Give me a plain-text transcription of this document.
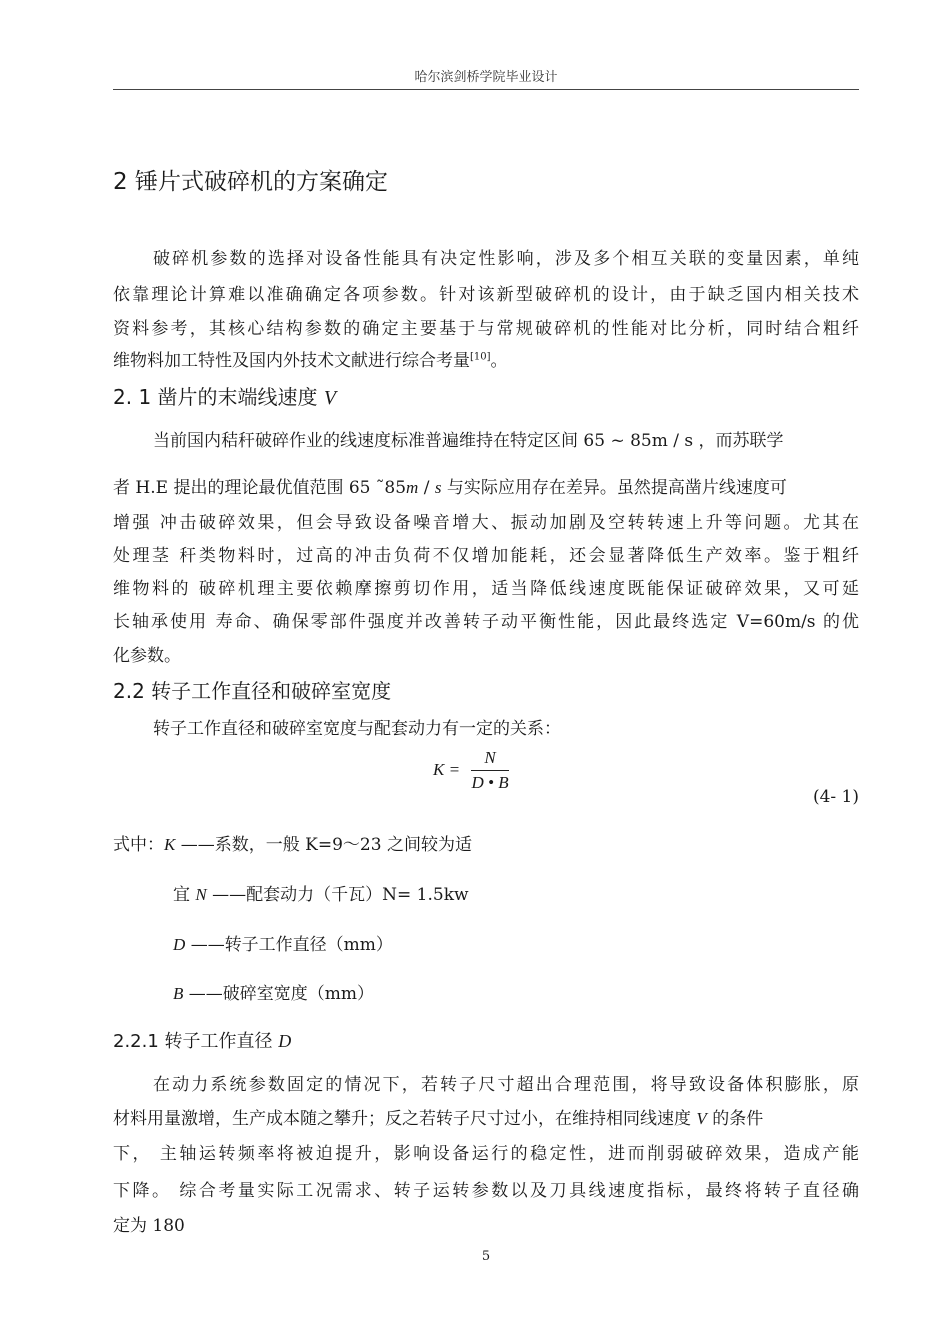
哈尔滨剑桥学院毕业设计
2 锤片式破碎机的方案确定
破碎机参数的选择对设备性能具有决定性影响，涉及多个相互关联的变量因素，单纯
依靠理论计算难以准确确定各项参数。针对该新型破碎机的设计，由于缺乏国内相关技术
资料参考，其核心结构参数的确定主要基于与常规破碎机的性能对比分析，同时结合粗纤
维物料加工特性及国内外技术文献进行综合考量[10]。
2. 1 凿片的末端线速度 V
当前国内秸秆破碎作业的线速度标准普遍维持在特定区间 65 ~ 85m / s ，而苏联学
者 H.E 提出的理论最优值范围 65 ˜85m / s 与实际应用存在差异。虽然提高凿片线速度可
增强 冲击破碎效果，但会导致设备噪音增大、振动加剧及空转转速上升等问题。尤其在
处理茎 秆类物料时，过高的冲击负荷不仅增加能耗，还会显著降低生产效率。鉴于粗纤
维物料的 破碎机理主要依赖摩擦剪切作用，适当降低线速度既能保证破碎效果，又可延
长轴承使用 寿命、确保零部件强度并改善转子动平衡性能，因此最终选定 V=60m/s 的优
化参数。
2.2 转子工作直径和破碎室宽度
转子工作直径和破碎室宽度与配套动力有一定的关系：
$K = \frac{N}{D • B}$
(4- 1)
式中：K ——系数，一般 K=9～23 之间较为适
宜 N ——配套动力（千瓦）N= 1.5kw
D ——转子工作直径（mm）
B ——破碎室宽度（mm）
2.2.1 转子工作直径 D
在动力系统参数固定的情况下，若转子尺寸超出合理范围，将导致设备体积膨胀，原
材料用量激增，生产成本随之攀升；反之若转子尺寸过小，在维持相同线速度 V 的条件
下， 主轴运转频率将被迫提升，影响设备运行的稳定性，进而削弱破碎效果，造成产能
下降。 综合考量实际工况需求、转子运转参数以及刀具线速度指标，最终将转子直径确
定为 180
5
